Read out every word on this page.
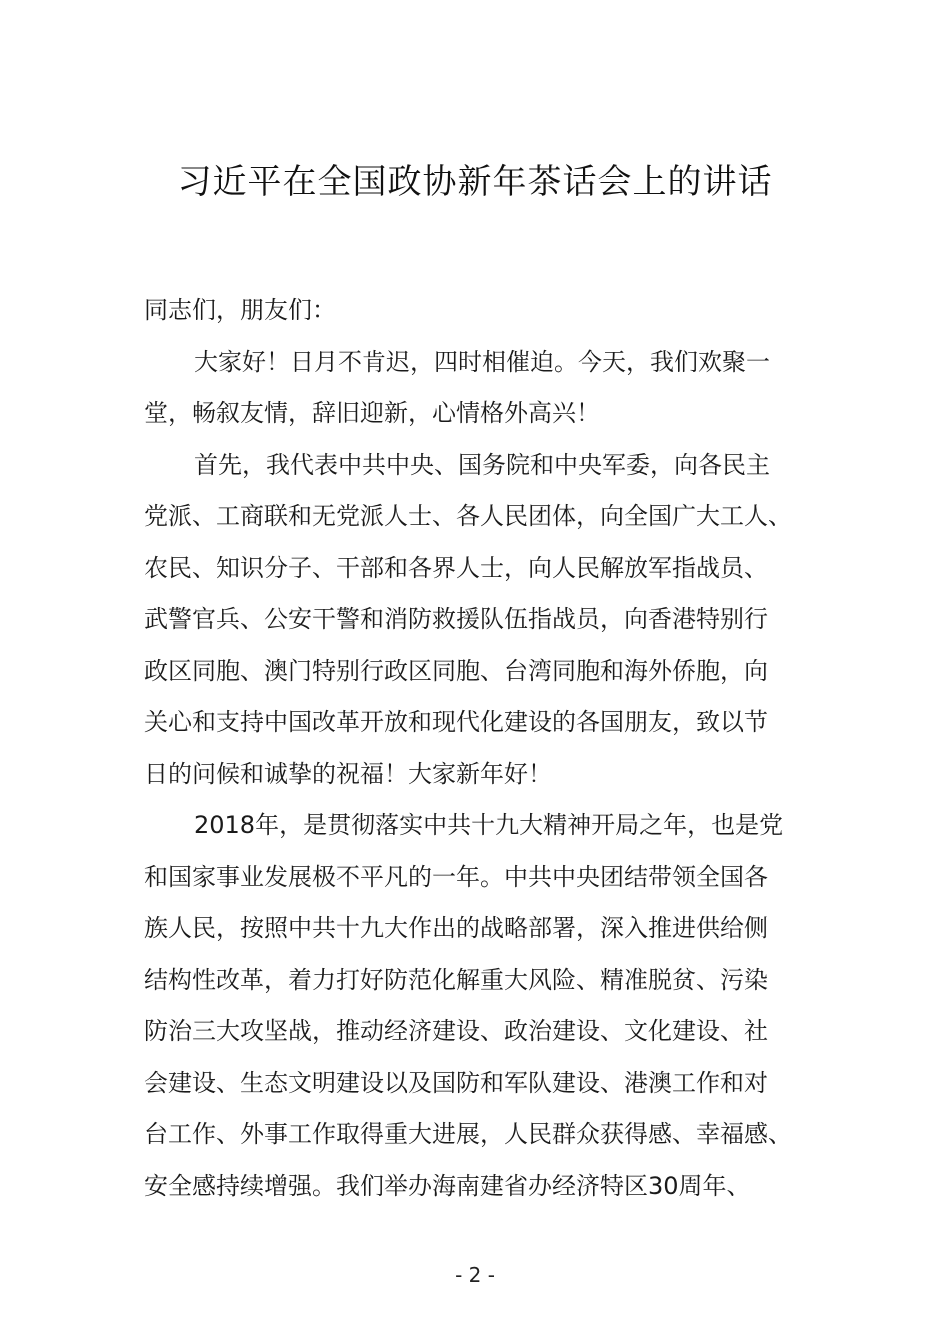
习近平在全国政协新年茶话会上的讲话
同志们，朋友们：
大家好！日月不肯迟，四时相催迫。今天，我们欢聚一
堂，畅叙友情，辞旧迎新，心情格外高兴！
首先，我代表中共中央、国务院和中央军委，向各民主
党派、工商联和无党派人士、各人民团体，向全国广大工人、
农民、知识分子、干部和各界人士，向人民解放军指战员、
武警官兵、公安干警和消防救援队伍指战员，向香港特别行
政区同胞、澳门特别行政区同胞、台湾同胞和海外侨胞，向
关心和支持中国改革开放和现代化建设的各国朋友，致以节
日的问候和诚挚的祝福！大家新年好！
2018年，是贯彻落实中共十九大精神开局之年，也是党
和国家事业发展极不平凡的一年。中共中央团结带领全国各
族人民，按照中共十九大作出的战略部署，深入推进供给侧
结构性改革，着力打好防范化解重大风险、精准脱贫、污染
防治三大攻坚战，推动经济建设、政治建设、文化建设、社
会建设、生态文明建设以及国防和军队建设、港澳工作和对
台工作、外事工作取得重大进展，人民群众获得感、幸福感、
安全感持续增强。我们举办海南建省办经济特区30周年、
- 2 -
